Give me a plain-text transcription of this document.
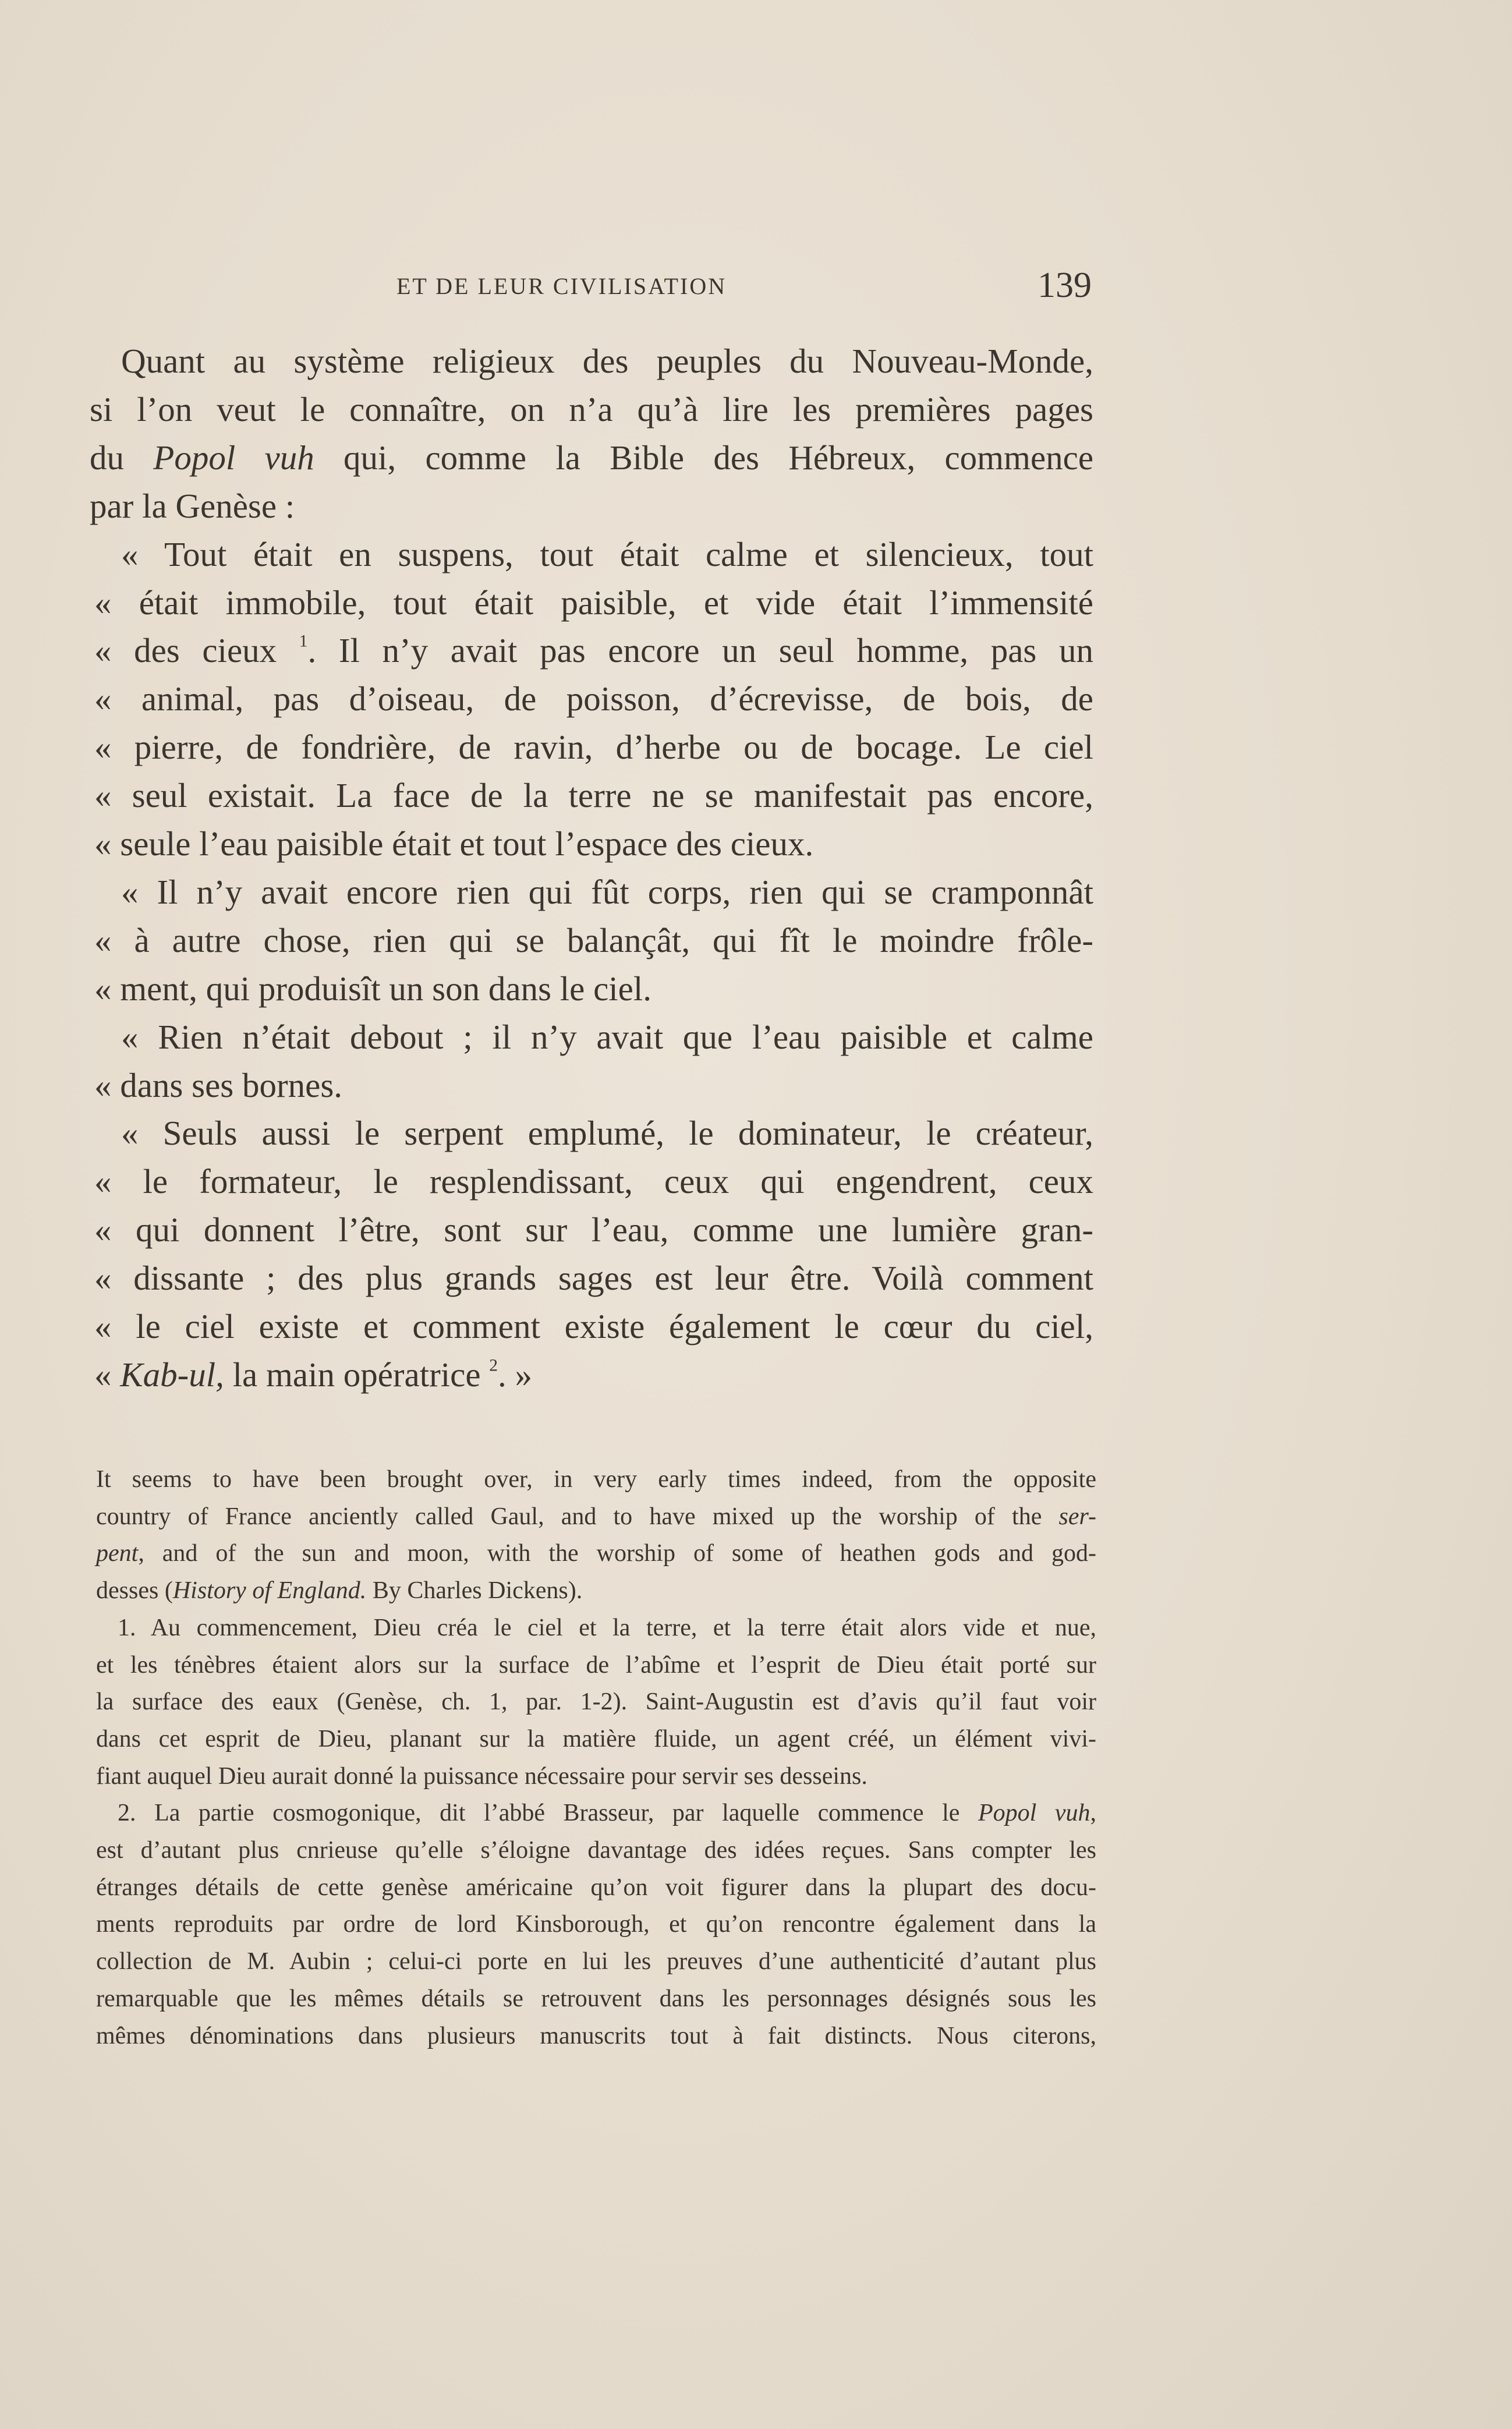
ET DE LEUR CIVILISATION	139
Quant au système religieux des peuples du Nouveau-Monde,
si l’on veut le connaître, on n’a qu’à lire les premières pages
du Popol vuh qui, comme la Bible des Hébreux, commence
par la Genèse :
« Tout était en suspens, tout était calme et silencieux, tout
« était immobile, tout était paisible, et vide était l’immensité
« des cieux $^1$. Il n’y avait pas encore un seul homme, pas un
« animal, pas d’oiseau, de poisson, d’écrevisse, de bois, de
« pierre, de fondrière, de ravin, d’herbe ou de bocage. Le ciel
« seul existait. La face de la terre ne se manifestait pas encore,
« seule l’eau paisible était et tout l’espace des cieux.
« Il n’y avait encore rien qui fût corps, rien qui se cramponnât
« à autre chose, rien qui se balançât, qui fît le moindre frôle-
« ment, qui produisît un son dans le ciel.
« Rien n’était debout ; il n’y avait que l’eau paisible et calme
« dans ses bornes.
« Seuls aussi le serpent emplumé, le dominateur, le créateur,
« le formateur, le resplendissant, ceux qui engendrent, ceux
« qui donnent l’être, sont sur l’eau, comme une lumière gran-
« dissante ; des plus grands sages est leur être. Voilà comment
« le ciel existe et comment existe également le cœur du ciel,
« Kab-ul, la main opératrice $^2$. »
It seems to have been brought over, in very early times indeed, from the opposite
country of France anciently called Gaul, and to have mixed up the worship of the ser-
pent, and of the sun and moon, with the worship of some of heathen gods and god-
desses (History of England. By Charles Dickens).
1. Au commencement, Dieu créa le ciel et la terre, et la terre était alors vide et nue,
et les ténèbres étaient alors sur la surface de l’abîme et l’esprit de Dieu était porté sur
la surface des eaux (Genèse, ch. 1, par. 1-2). Saint-Augustin est d’avis qu’il faut voir
dans cet esprit de Dieu, planant sur la matière fluide, un agent créé, un élément vivi-
fiant auquel Dieu aurait donné la puissance nécessaire pour servir ses desseins.
2. La partie cosmogonique, dit l’abbé Brasseur, par laquelle commence le Popol vuh,
est d’autant plus cnrieuse qu’elle s’éloigne davantage des idées reçues. Sans compter les
étranges détails de cette genèse américaine qu’on voit figurer dans la plupart des docu-
ments reproduits par ordre de lord Kinsborough, et qu’on rencontre également dans la
collection de M. Aubin ; celui-ci porte en lui les preuves d’une authenticité d’autant plus
remarquable que les mêmes détails se retrouvent dans les personnages désignés sous les
mêmes dénominations dans plusieurs manuscrits tout à fait distincts. Nous citerons,
